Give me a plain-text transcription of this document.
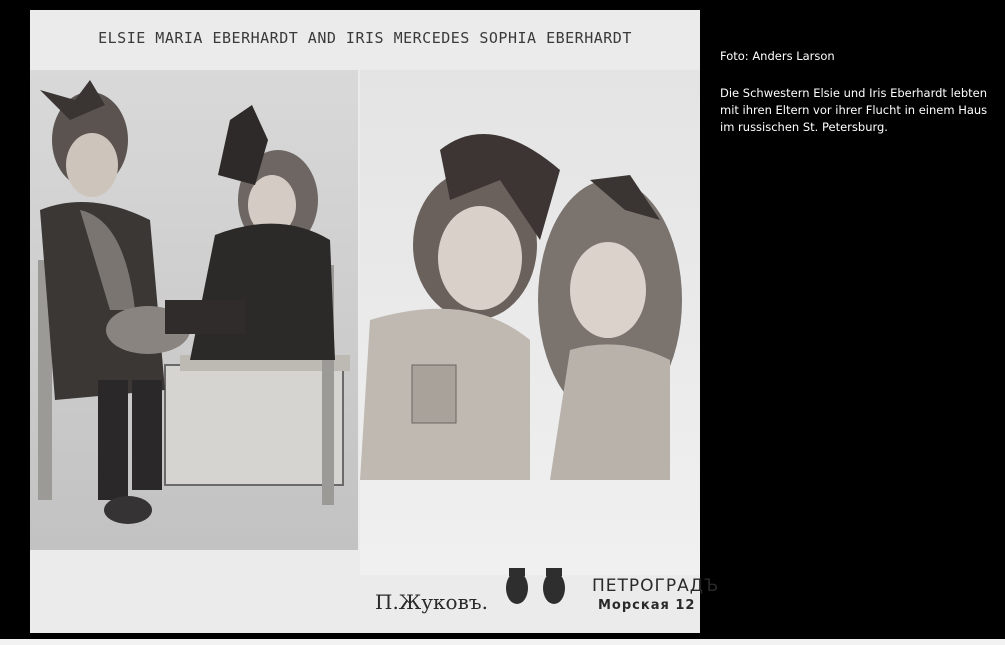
ELSIE MARIA EBERHARDT AND IRIS MERCEDES SOPHIA EBERHARDT
П.Жуковъ.
ПЕТРОГРАДЪ
Морская 12

Foto: Anders Larson

Die Schwestern Elsie und Iris Eberhardt lebten mit ihren Eltern vor ihrer Flucht in einem Haus im russischen St. Petersburg.
